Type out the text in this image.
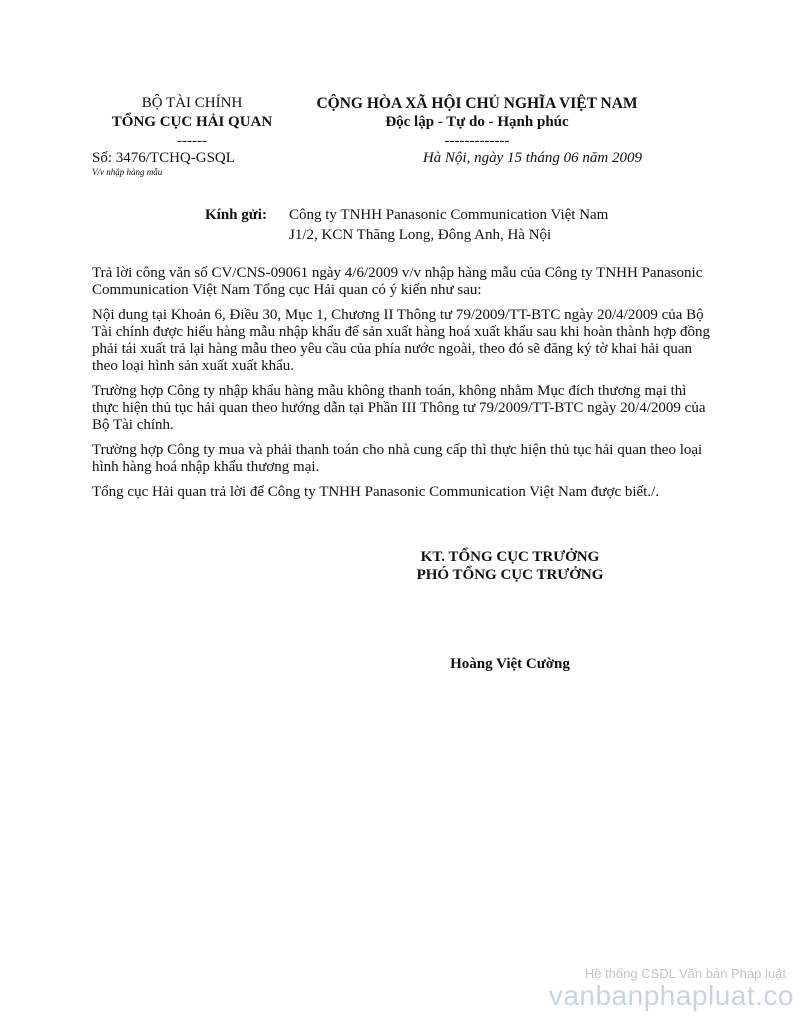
BỘ TÀI CHÍNH
TỔNG CỤC HẢI QUAN
------
CỘNG HÒA XÃ HỘI CHỦ NGHĨA VIỆT NAM
Độc lập - Tự do - Hạnh phúc
-------------
Số: 3476/TCHQ-GSQL
V/v nhập hàng mẫu
Hà Nội, ngày 15 tháng 06 năm 2009
Kính gửi: Công ty TNHH Panasonic Communication Việt Nam
J1/2, KCN Thăng Long, Đông Anh, Hà Nội

Trả lời công văn số CV/CNS-09061 ngày 4/6/2009 v/v nhập hàng mẫu của Công ty TNHH Panasonic Communication Việt Nam Tổng cục Hải quan có ý kiến như sau:

Nội dung tại Khoản 6, Điều 30, Mục 1, Chương II Thông tư 79/2009/TT-BTC ngày 20/4/2009 của Bộ Tài chính được hiểu hàng mẫu nhập khẩu để sản xuất hàng hoá xuất khẩu sau khi hoàn thành hợp đồng phải tái xuất trả lại hàng mẫu theo yêu cầu của phía nước ngoài, theo đó sẽ đăng ký tờ khai hải quan theo loại hình sản xuất xuất khẩu.

Trường hợp Công ty nhập khẩu hàng mẫu không thanh toán, không nhằm Mục đích thương mại thì thực hiện thủ tục hải quan theo hướng dẫn tại Phần III Thông tư 79/2009/TT-BTC ngày 20/4/2009 của Bộ Tài chính.

Trường hợp Công ty mua và phải thanh toán cho nhà cung cấp thì thực hiện thủ tục hải quan theo loại hình hàng hoá nhập khẩu thương mại.

Tổng cục Hải quan trả lời để Công ty TNHH Panasonic Communication Việt Nam được biết./.

KT. TỔNG CỤC TRƯỞNG
PHÓ TỔNG CỤC TRƯỞNG
Hoàng Việt Cường
Hệ thống CSDL Văn bản Pháp luật
vanbanphapluat.co
